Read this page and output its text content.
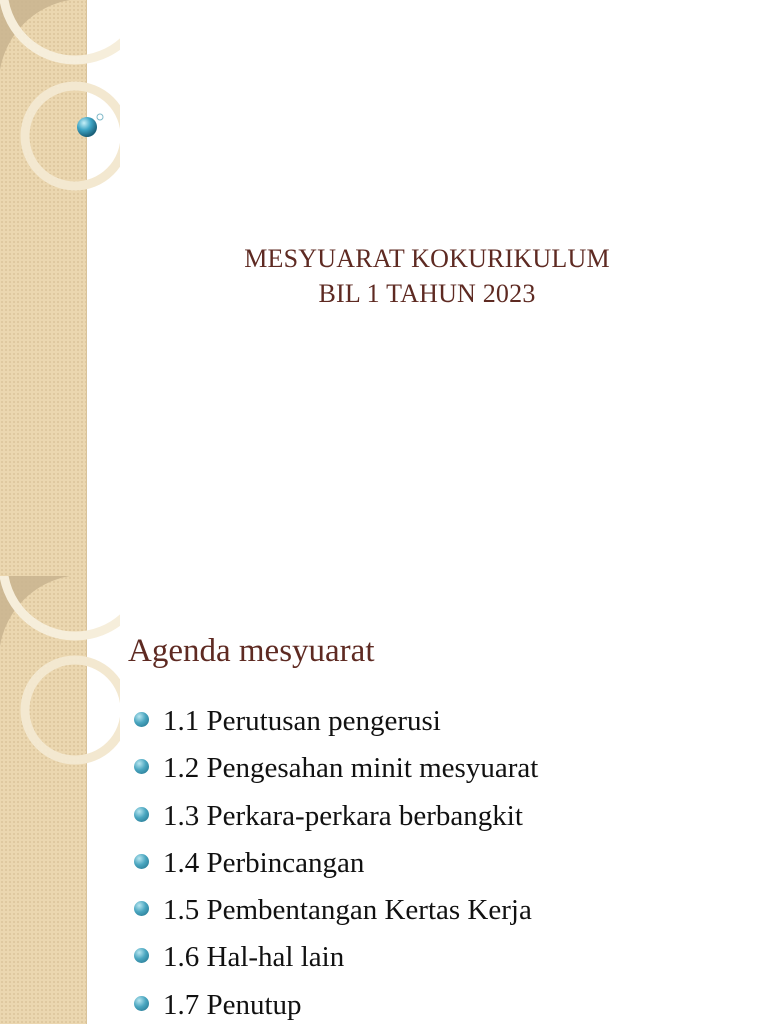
MESYUARAT KOKURIKULUM
BIL 1 TAHUN 2023
Agenda mesyuarat
1.1 Perutusan pengerusi
1.2 Pengesahan minit mesyuarat
1.3 Perkara-perkara berbangkit
1.4 Perbincangan
1.5 Pembentangan Kertas Kerja
1.6 Hal-hal lain
1.7 Penutup
